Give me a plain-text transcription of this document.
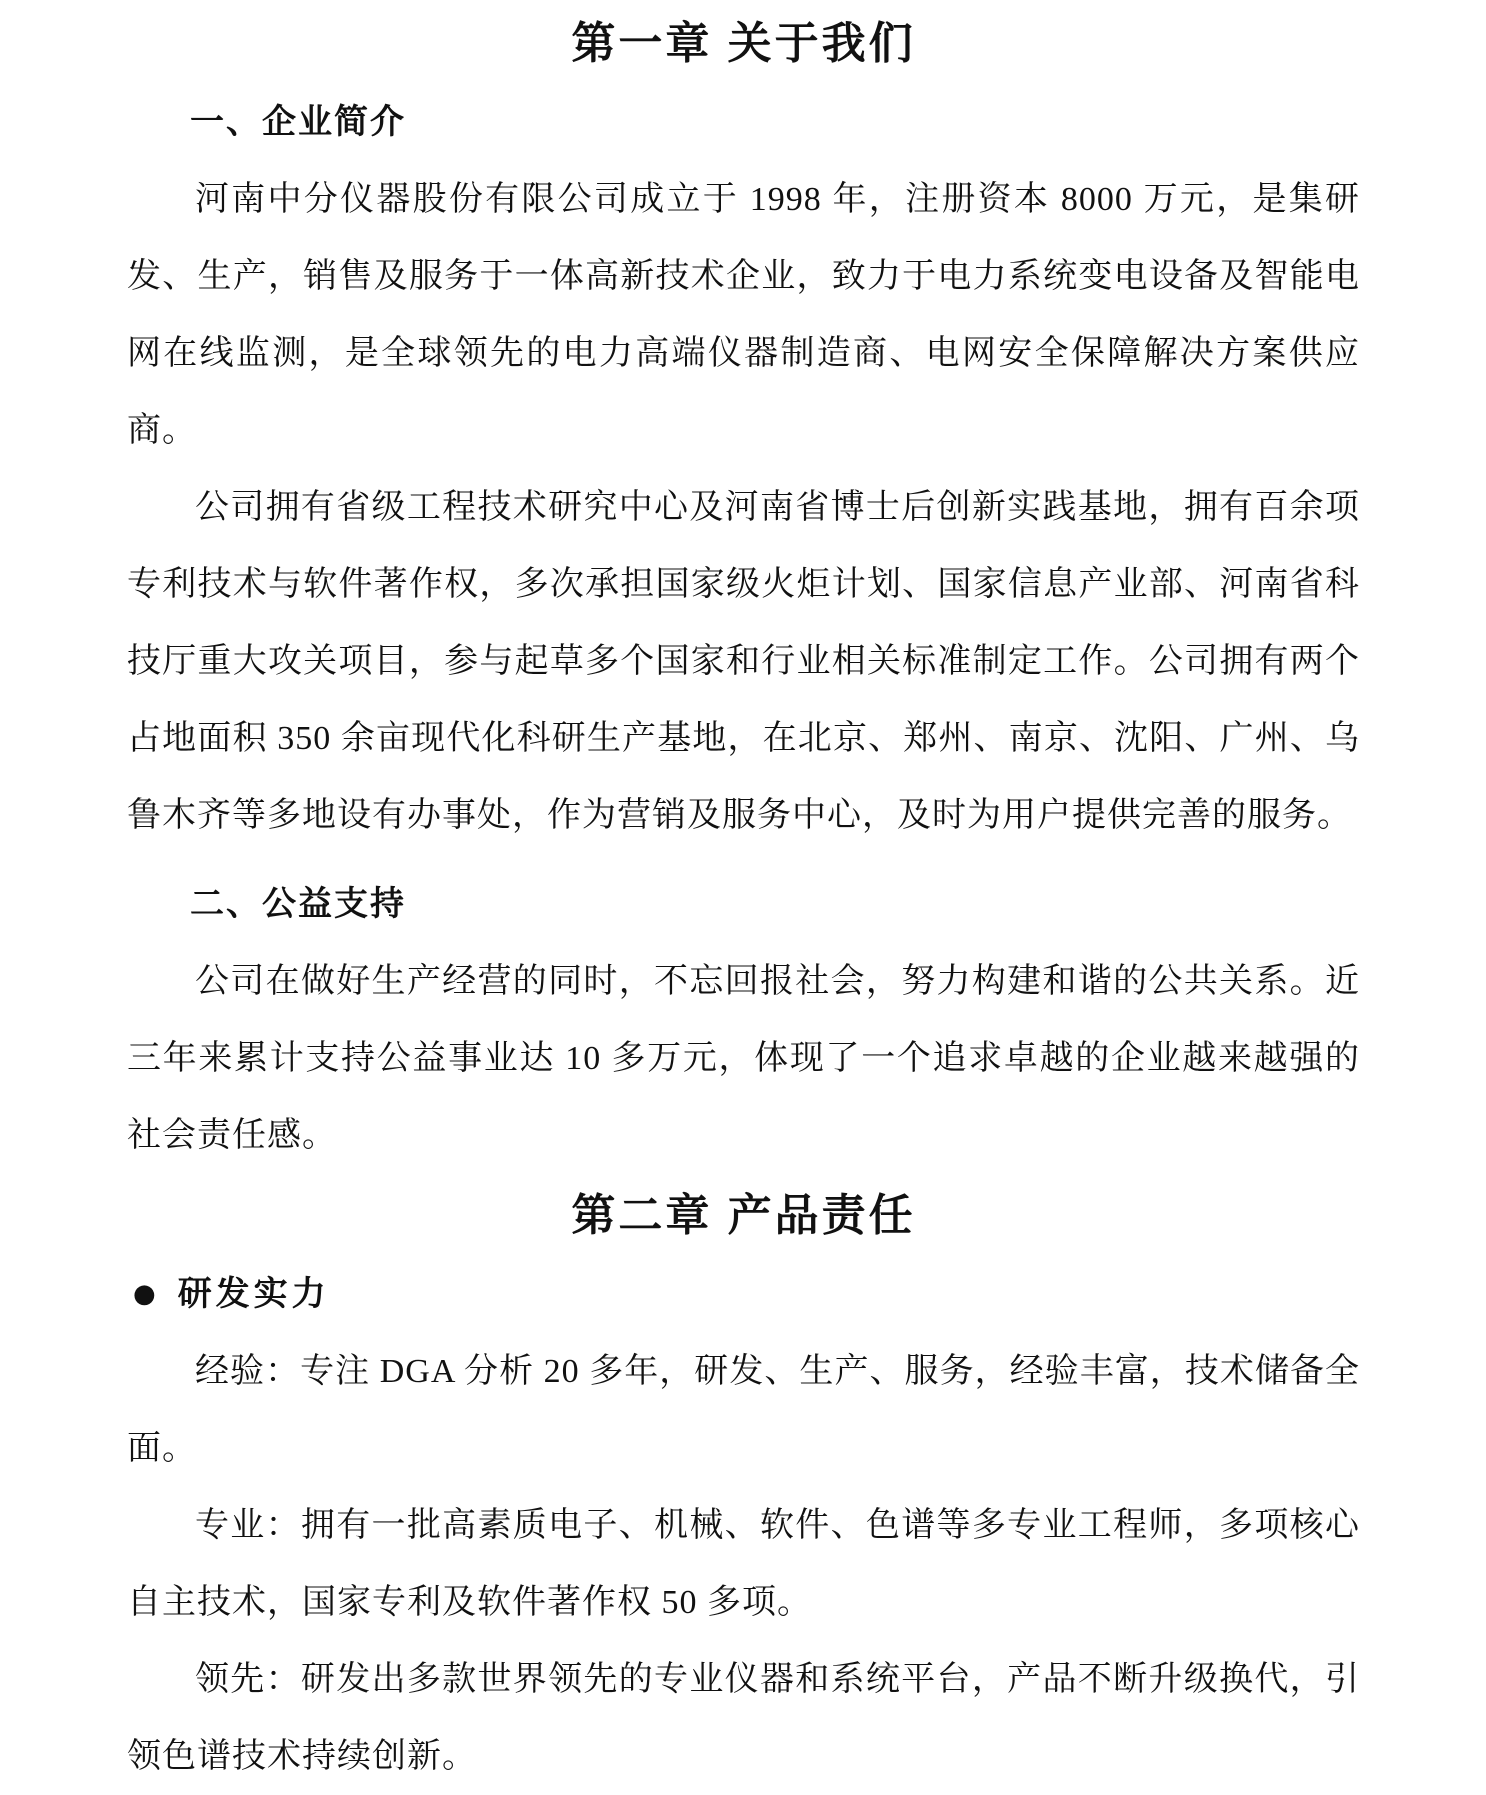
第一章 关于我们
一、企业简介

河南中分仪器股份有限公司成立于 1998 年，注册资本 8000 万元，是集研发、生产，销售及服务于一体高新技术企业，致力于电力系统变电设备及智能电网在线监测，是全球领先的电力高端仪器制造商、电网安全保障解决方案供应商。

公司拥有省级工程技术研究中心及河南省博士后创新实践基地，拥有百余项专利技术与软件著作权，多次承担国家级火炬计划、国家信息产业部、河南省科技厅重大攻关项目，参与起草多个国家和行业相关标准制定工作。公司拥有两个占地面积 350 余亩现代化科研生产基地，在北京、郑州、南京、沈阳、广州、乌鲁木齐等多地设有办事处，作为营销及服务中心，及时为用户提供完善的服务。

二、公益支持

公司在做好生产经营的同时，不忘回报社会，努力构建和谐的公共关系。近三年来累计支持公益事业达 10 多万元，体现了一个追求卓越的企业越来越强的社会责任感。

第二章 产品责任
● 研发实力

经验：专注 DGA 分析 20 多年，研发、生产、服务，经验丰富，技术储备全面。

专业：拥有一批高素质电子、机械、软件、色谱等多专业工程师，多项核心自主技术，国家专利及软件著作权 50 多项。

领先：研发出多款世界领先的专业仪器和系统平台，产品不断升级换代，引领色谱技术持续创新。
